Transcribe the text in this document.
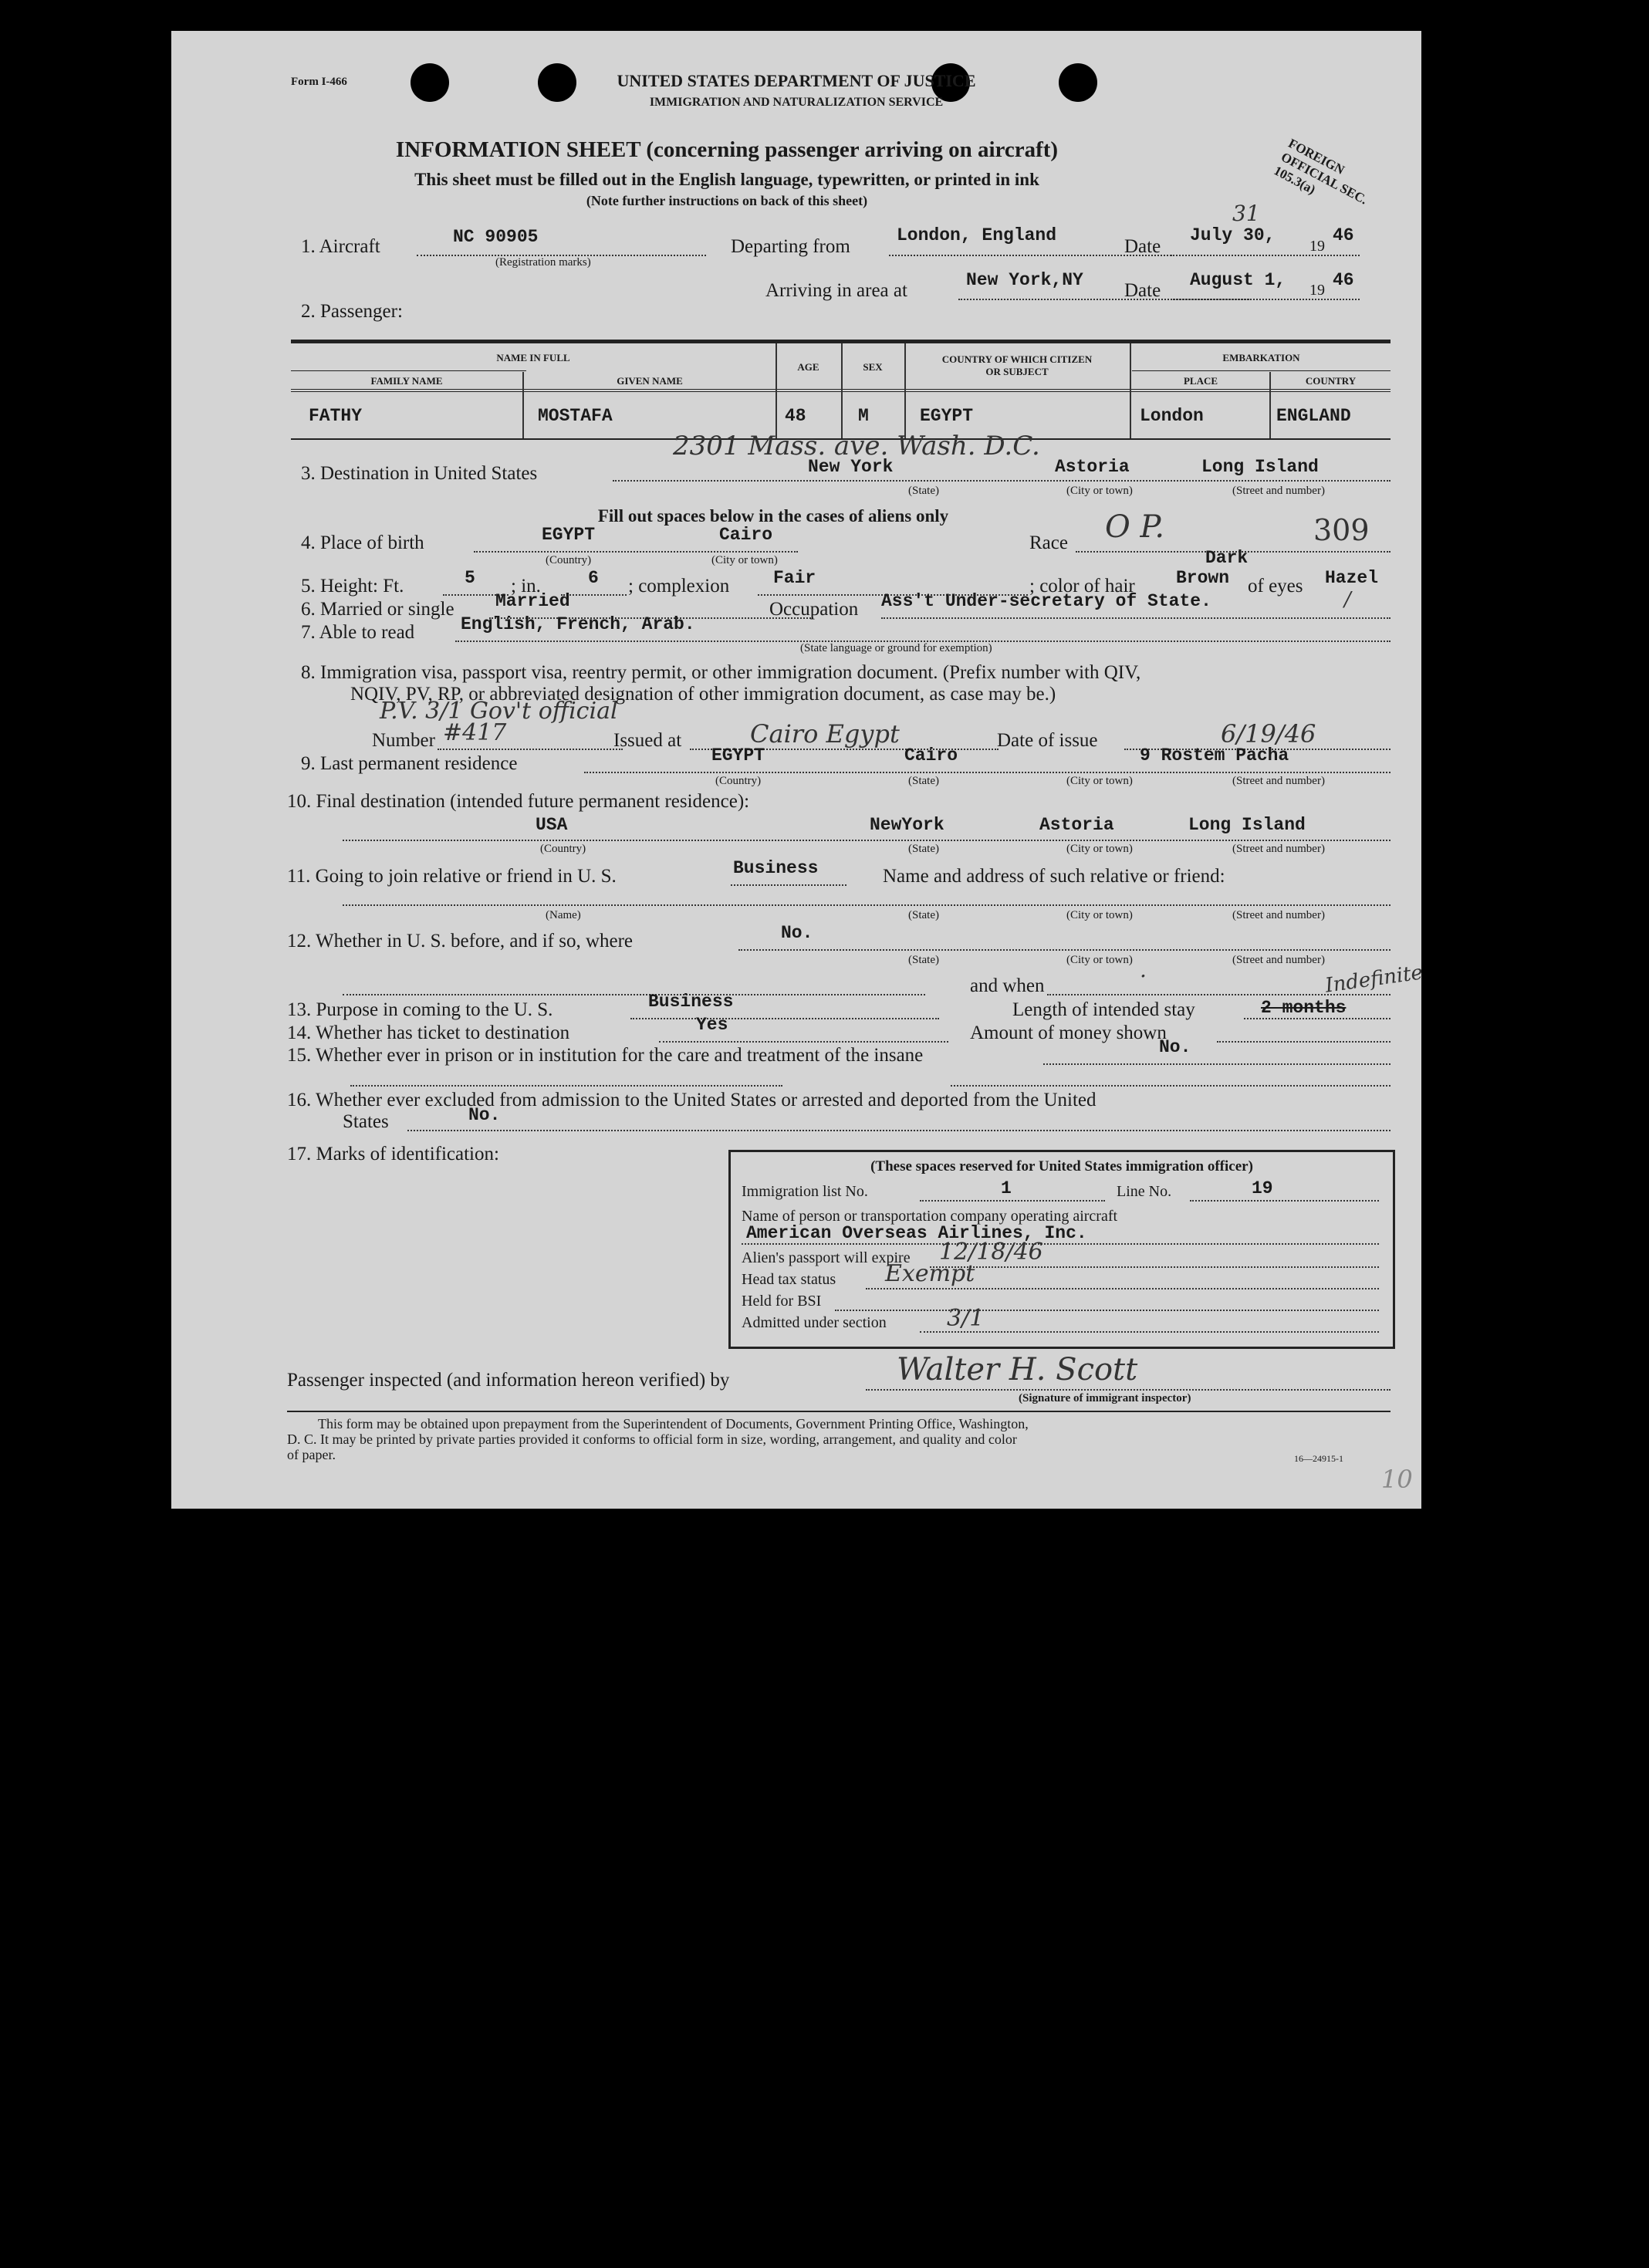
Form I-466	UNITED STATES DEPARTMENT OF JUSTICE
IMMIGRATION AND NATURALIZATION SERVICE
INFORMATION SHEET (concerning passenger arriving on aircraft)
This sheet must be filled out in the English language, typewritten, or printed in ink
(Note further instructions on back of this sheet)
FOREIGN OFFICIAL SEC. 105.3(a)
1. Aircraft	NC 90905
(Registration marks)
Departing from
London, England
Date
July 30,
31
19
46
Arriving in area at	New York,NY Date August 1, 19 46
2. Passenger:
NAME IN FULL
FAMILY NAME	GIVEN NAME
AGE	SEX
COUNTRY OF WHICH CITIZEN
OR SUBJECT
EMBARKATION
PLACE	COUNTRY
FATHY	MOSTAFA	48	M	EGYPT	London	ENGLAND
3. Destination in United States
2301 Mass. ave. Wash. D.C.
New York	Astoria	Long Island
(State)	(City or town)	(Street and number)
Fill out spaces below in the cases of aliens only
4. Place of birth	EGYPT	Cairo
(Country)	(City or town)
Race O P.	309
5. Height: Ft.	5 ; in.	6 ; complexion Fair	; color of hair
Dark
Brown of eyes Hazel
6. Married or single Married	Occupation Ass't Under-secretary of State.	/
7. Able to read	English, French, Arab.
(State language or ground for exemption)
8. Immigration visa, passport visa, reentry permit, or other immigration document. (Prefix number with QIV,
NQIV, PV, RP, or abbreviated designation of other immigration document, as case may be.)
P.V. 3/1 Gov't official
Number #417	Issued at	Cairo Egypt	Date of issue	6/19/46
9. Last permanent residence	EGYPT	Cairo	9 Rostem Pacha
(Country)	(State)	(City or town)	(Street and number)
10. Final destination (intended future permanent residence):
USA	NewYork	Astoria	Long Island
(Country)	(State)	(City or town)	(Street and number)
11. Going to join relative or friend in U. S.	Business	Name and address of such relative or friend:
(Name)	(State)	(City or town)	(Street and number)
12. Whether in U. S. before, and if so, where	No.
(State)	(City or town)	(Street and number)
and when
.
13. Purpose in coming to the U. S.	Business	Length of intended stay	2 months
Indefinite
14. Whether has ticket to destination	Yes	Amount of money shown
15. Whether ever in prison or in institution for the care and treatment of the insane	No.
16. Whether ever excluded from admission to the United States or arrested and deported from the United
States	No.
17. Marks of identification:
(These spaces reserved for United States immigration officer)
Immigration list No.	1	Line No.	19
Name of person or transportation company operating aircraft
American Overseas Airlines, Inc.
Alien's passport will expire 12/18/46
Head tax status Exempt
Held for BSI
Admitted under section	3/1
Passenger inspected (and information hereon verified) by	Walter H. Scott
(Signature of immigrant inspector)
This form may be obtained upon prepayment from the Superintendent of Documents, Government Printing Office, Washington,
D. C. It may be printed by private parties provided it conforms to official form in size, wording, arrangement, and quality and color
of paper.	16—24915-1
10
